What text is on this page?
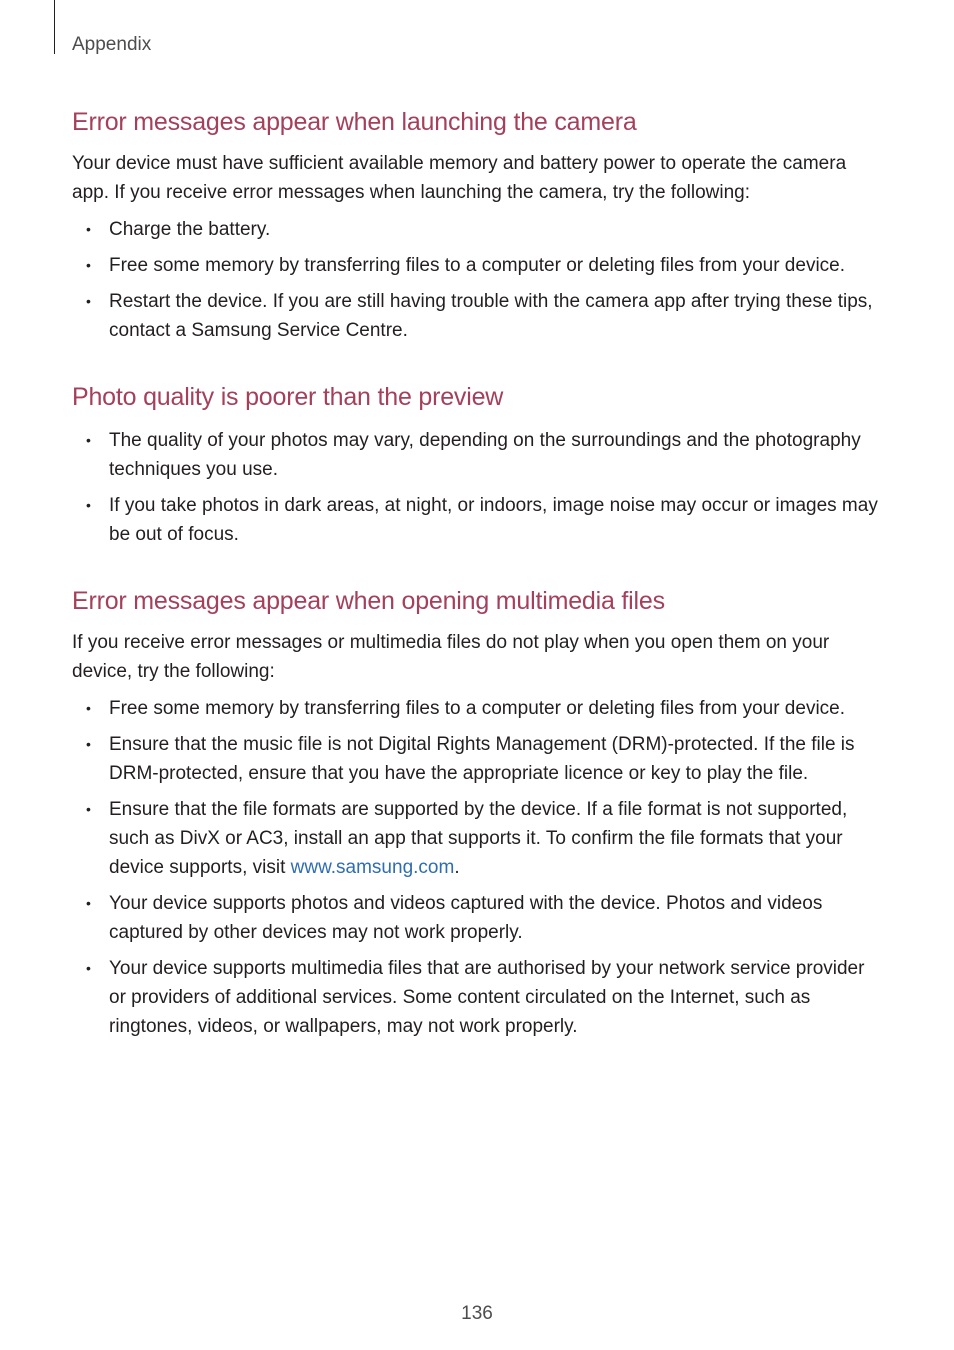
Appendix
Error messages appear when launching the camera

Your device must have sufficient available memory and battery power to operate the camera app. If you receive error messages when launching the camera, try the following:

• Charge the battery.
• Free some memory by transferring files to a computer or deleting files from your device.
• Restart the device. If you are still having trouble with the camera app after trying these tips, contact a Samsung Service Centre.
Photo quality is poorer than the preview
• The quality of your photos may vary, depending on the surroundings and the photography techniques you use.
• If you take photos in dark areas, at night, or indoors, image noise may occur or images may be out of focus.
Error messages appear when opening multimedia files

If you receive error messages or multimedia files do not play when you open them on your device, try the following:

• Free some memory by transferring files to a computer or deleting files from your device.
• Ensure that the music file is not Digital Rights Management (DRM)-protected. If the file is DRM-protected, ensure that you have the appropriate licence or key to play the file.
• Ensure that the file formats are supported by the device. If a file format is not supported, such as DivX or AC3, install an app that supports it. To confirm the file formats that your device supports, visit www.samsung.com.
• Your device supports photos and videos captured with the device. Photos and videos captured by other devices may not work properly.
• Your device supports multimedia files that are authorised by your network service provider or providers of additional services. Some content circulated on the Internet, such as ringtones, videos, or wallpapers, may not work properly.
136
